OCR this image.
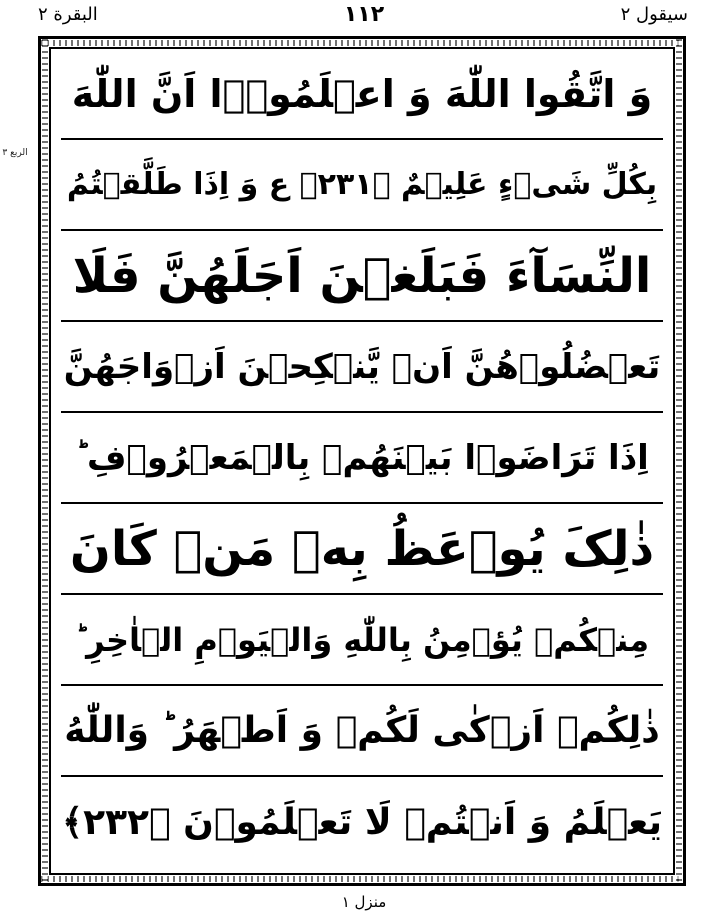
البقرة ۲	۱۱۲	سیقول ۲
الربع ۳
وَ اتَّقُوا اللّٰهَ وَ اعۡلَمُوۡۤا اَنَّ اللّٰهَ
بِکُلِّ شَیۡءٍ عَلِیۡمٌ ﴿۲۳۱﴾ ع وَ اِذَا طَلَّقۡتُمُ
النِّسَآءَ فَبَلَغۡنَ اَجَلَهُنَّ فَلَا
تَعۡضُلُوۡهُنَّ اَنۡ یَّنۡکِحۡنَ اَزۡوَاجَهُنَّ
اِذَا تَرَاضَوۡا بَیۡنَهُمۡ بِالۡمَعۡرُوۡفِ ؕ
ذٰلِکَ یُوۡعَظُ بِهٖ مَنۡ کَانَ
مِنۡکُمۡ یُؤۡمِنُ بِاللّٰهِ وَالۡیَوۡمِ الۡاٰخِرِ ؕ
ذٰلِکُمۡ اَزۡکٰی لَکُمۡ وَ اَطۡهَرُ ؕ وَاللّٰهُ
یَعۡلَمُ وَ اَنۡتُمۡ لَا تَعۡلَمُوۡنَ ﴿۲۳۲﴾
منزل ۱
